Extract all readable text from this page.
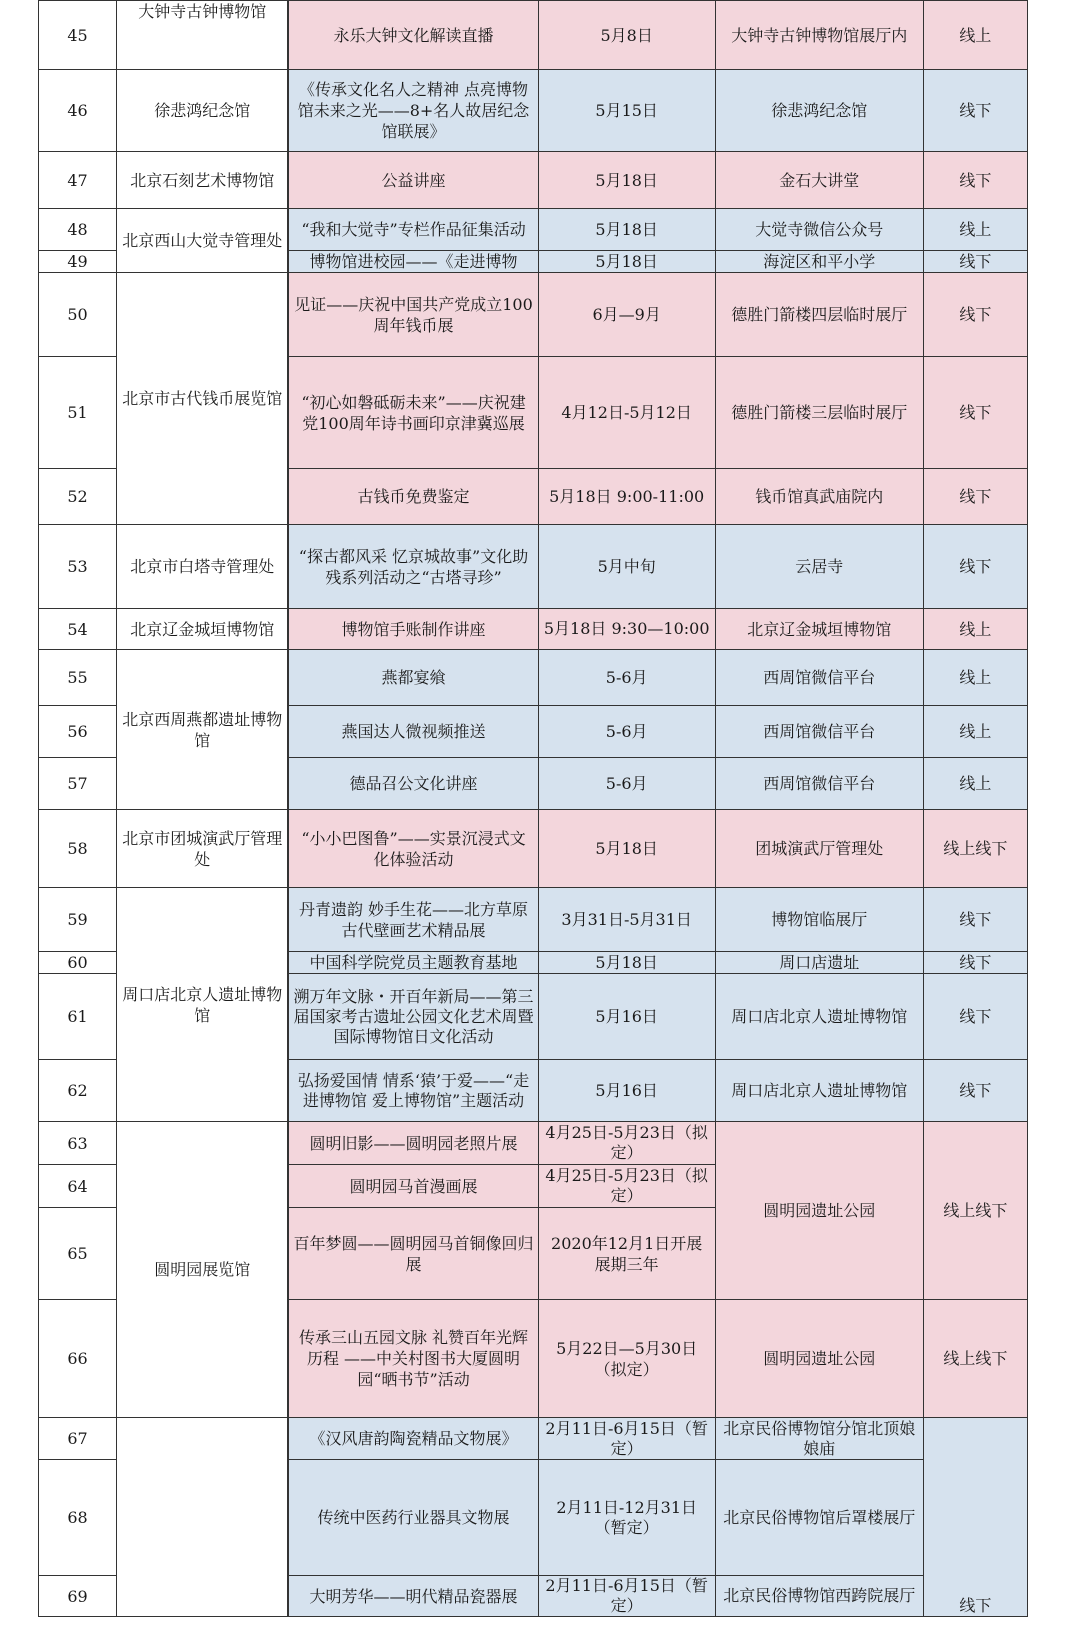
45	大钟寺古钟博物馆	永乐大钟文化解读直播	5月8日	大钟寺古钟博物馆展厅内	线上
46	徐悲鸿纪念馆	《传承文化名人之精神 点亮博物馆未来之光——8+名人故居纪念馆联展》	5月15日	徐悲鸿纪念馆	线下
47	北京石刻艺术博物馆	公益讲座	5月18日	金石大讲堂	线下
48	北京西山大觉寺管理处	“我和大觉寺”专栏作品征集活动	5月18日	大觉寺微信公众号	线上
49		博物馆进校园——《走进博物	5月18日	海淀区和平小学	线下
50	北京市古代钱币展览馆	见证——庆祝中国共产党成立100周年钱币展	6月—9月	德胜门箭楼四层临时展厅	线下
51		“初心如磐砥砺未来”——庆祝建党100周年诗书画印京津冀巡展	4月12日-5月12日	德胜门箭楼三层临时展厅	线下
52		古钱币免费鉴定	5月18日 9:00-11:00	钱币馆真武庙院内	线下
53	北京市白塔寺管理处	“探古都风采 忆京城故事”文化助残系列活动之“古塔寻珍”	5月中旬	云居寺	线下
54	北京辽金城垣博物馆	博物馆手账制作讲座	5月18日 9:30—10:00	北京辽金城垣博物馆	线上
55	北京西周燕都遗址博物馆	燕都宴飨	5-6月	西周馆微信平台	线上
56		燕国达人微视频推送	5-6月	西周馆微信平台	线上
57		德品召公文化讲座	5-6月	西周馆微信平台	线上
58	北京市团城演武厅管理处	“小小巴图鲁”——实景沉浸式文化体验活动	5月18日	团城演武厅管理处	线上线下
59	周口店北京人遗址博物馆	丹青遗韵 妙手生花——北方草原古代壁画艺术精品展	3月31日-5月31日	博物馆临展厅	线下
60		中国科学院党员主题教育基地	5月18日	周口店遗址	线下
61		溯万年文脉・开百年新局——第三届国家考古遗址公园文化艺术周暨国际博物馆日文化活动	5月16日	周口店北京人遗址博物馆	线下
62		弘扬爱国情 情系‘猿’于爱——“走进博物馆 爱上博物馆”主题活动	5月16日	周口店北京人遗址博物馆	线下
63	圆明园展览馆	圆明旧影——圆明园老照片展	4月25日-5月23日（拟定）	圆明园遗址公园	线上线下
64		圆明园马首漫画展	4月25日-5月23日（拟定）		
65		百年梦圆——圆明园马首铜像回归展	2020年12月1日开展 展期三年		
66		传承三山五园文脉 礼赞百年光辉历程 ——中关村图书大厦圆明园“晒书节”活动	5月22日—5月30日（拟定）	圆明园遗址公园	线上线下
67		《汉风唐韵陶瓷精品文物展》	2月11日-6月15日（暂定）	北京民俗博物馆分馆北顶娘娘庙	线下
68		传统中医药行业器具文物展	2月11日-12月31日（暂定）	北京民俗博物馆后罩楼展厅	
69		大明芳华——明代精品瓷器展	2月11日-6月15日（暂定）	北京民俗博物馆西跨院展厅	
